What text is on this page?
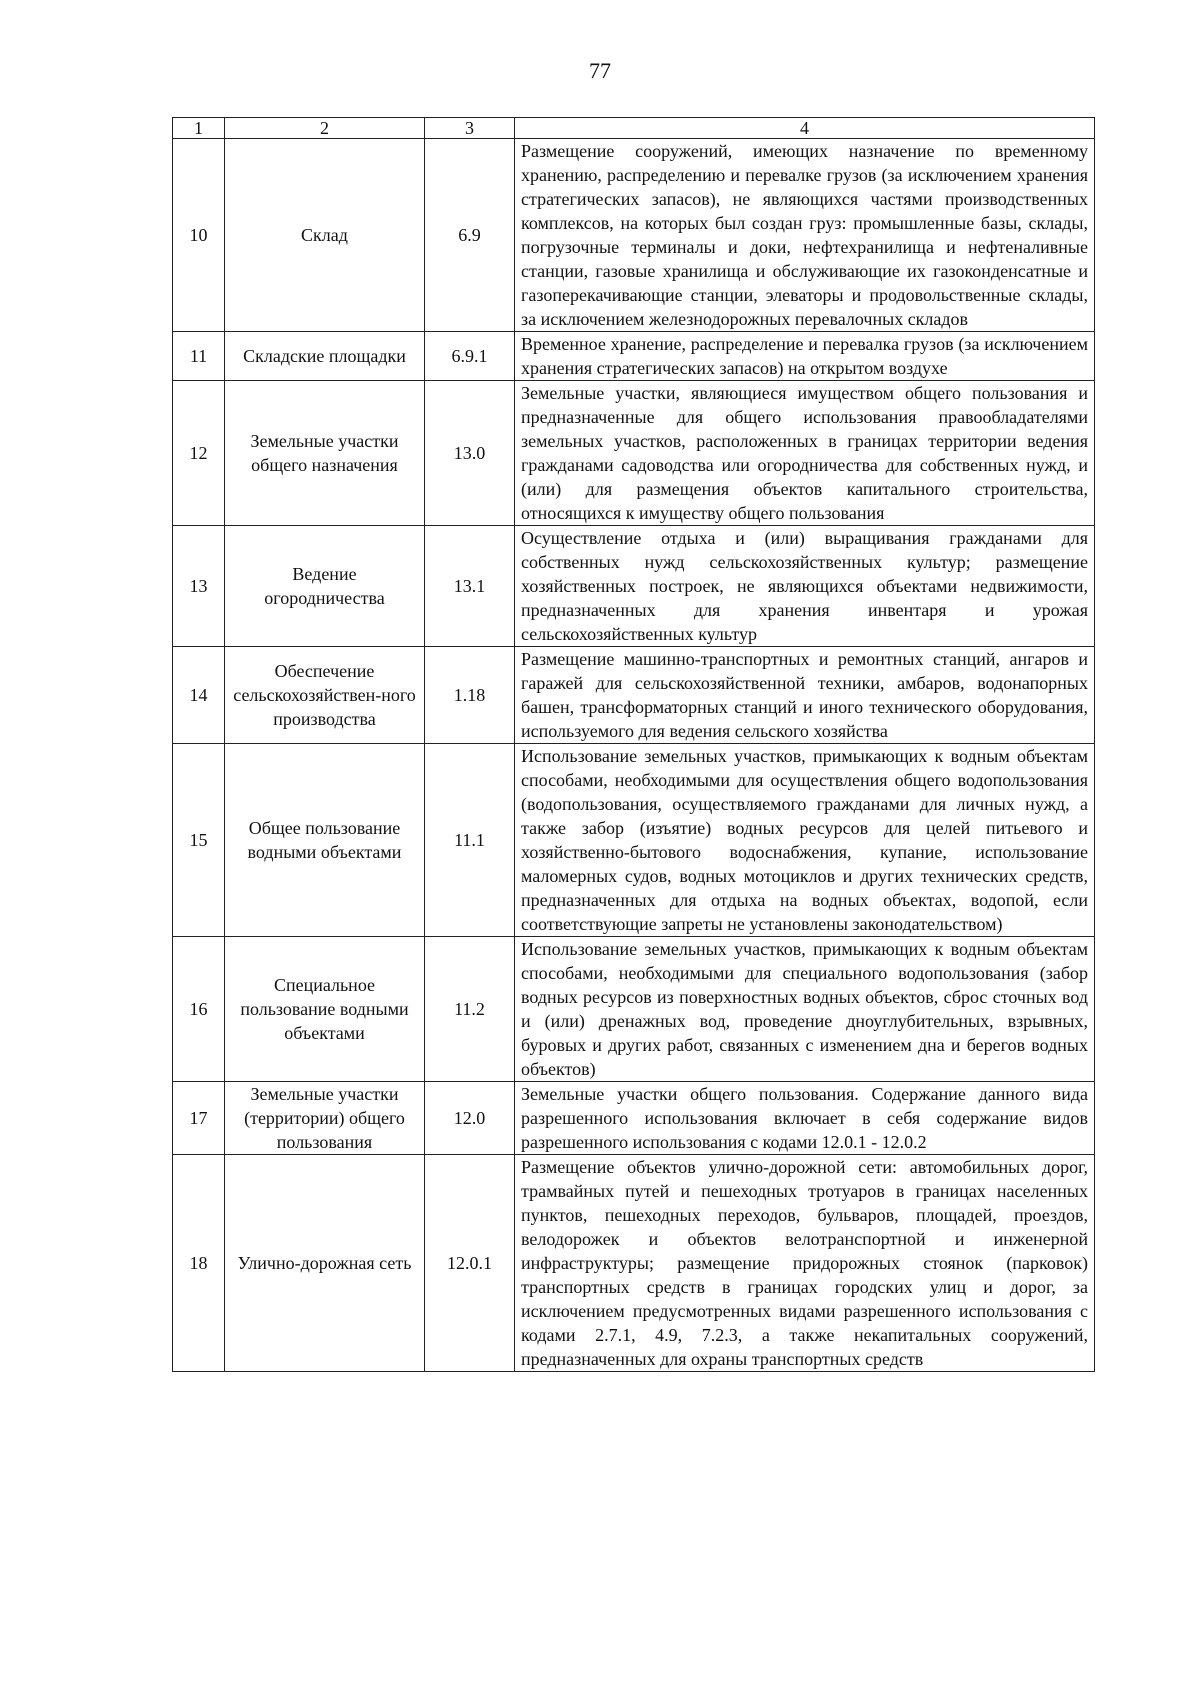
77
1	2	3	4
10	Склад	6.9	Размещение сооружений, имеющих назначение по временному хранению, распределению и перевалке грузов (за исключением хранения стратегических запасов), не являющихся частями производственных комплексов, на которых был создан груз: промышленные базы, склады, погрузочные терминалы и доки, нефтехранилища и нефтеналивные станции, газовые хранилища и обслуживающие их газоконденсатные и газоперекачивающие станции, элеваторы и продовольственные склады, за исключением железнодорожных перевалочных складов
11	Складские площадки	6.9.1	Временное хранение, распределение и перевалка грузов (за исключением хранения стратегических запасов) на открытом воздухе
12	Земельные участки общего назначения	13.0	Земельные участки, являющиеся имуществом общего пользования и предназначенные для общего использования правообладателями земельных участков, расположенных в границах территории ведения гражданами садоводства или огородничества для собственных нужд, и (или) для размещения объектов капитального строительства, относящихся к имуществу общего пользования
13	Ведение огородничества	13.1	Осуществление отдыха и (или) выращивания гражданами для собственных нужд сельскохозяйственных культур; размещение хозяйственных построек, не являющихся объектами недвижимости, предназначенных для хранения инвентаря и урожая сельскохозяйственных культур
14	Обеспечение сельскохозяйствен-ного производства	1.18	Размещение машинно-транспортных и ремонтных станций, ангаров и гаражей для сельскохозяйственной техники, амбаров, водонапорных башен, трансформаторных станций и иного технического оборудования, используемого для ведения сельского хозяйства
15	Общее пользование водными объектами	11.1	Использование земельных участков, примыкающих к водным объектам способами, необходимыми для осуществления общего водопользования (водопользования, осуществляемого гражданами для личных нужд, а также забор (изъятие) водных ресурсов для целей питьевого и хозяйственно-бытового водоснабжения, купание, использование маломерных судов, водных мотоциклов и других технических средств, предназначенных для отдыха на водных объектах, водопой, если соответствующие запреты не установлены законодательством)
16	Специальное пользование водными объектами	11.2	Использование земельных участков, примыкающих к водным объектам способами, необходимыми для специального водопользования (забор водных ресурсов из поверхностных водных объектов, сброс сточных вод и (или) дренажных вод, проведение дноуглубительных, взрывных, буровых и других работ, связанных с изменением дна и берегов водных объектов)
17	Земельные участки (территории) общего пользования	12.0	Земельные участки общего пользования. Содержание данного вида разрешенного использования включает в себя содержание видов разрешенного использования с кодами 12.0.1 - 12.0.2
18	Улично-дорожная сеть	12.0.1	Размещение объектов улично-дорожной сети: автомобильных дорог, трамвайных путей и пешеходных тротуаров в границах населенных пунктов, пешеходных переходов, бульваров, площадей, проездов, велодорожек и объектов велотранспортной и инженерной инфраструктуры; размещение придорожных стоянок (парковок) транспортных средств в границах городских улиц и дорог, за исключением предусмотренных видами разрешенного использования с кодами 2.7.1, 4.9, 7.2.3, а также некапитальных сооружений, предназначенных для охраны транспортных средств
